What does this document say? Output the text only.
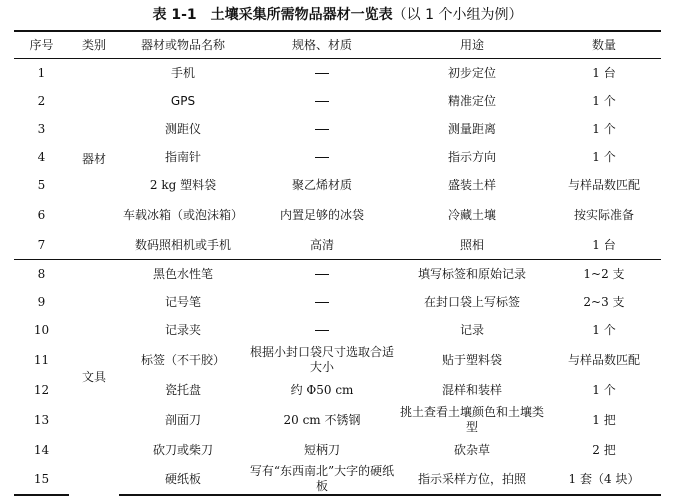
表 1-1 土壤采集所需物品器材一览表（以 1 个小组为例）
序号	类别	器材或物品名称	规格、材质	用途	数量
1	器材	手机		初步定位	1 台
2		GPS		精准定位	1 个
3		测距仪		测量距离	1 个
4		指南针		指示方向	1 个
5		2 kg 塑料袋	聚乙烯材质	盛装土样	与样品数匹配
6		车载冰箱（或泡沫箱）	内置足够的冰袋	冷藏土壤	按实际准备
7		数码照相机或手机	高清	照相	1 台
8	文具	黑色水性笔		填写标签和原始记录	1~2 支
9		记号笔		在封口袋上写标签	2~3 支
10		记录夹		记录	1 个
11		标签（不干胶）	根据小封口袋尺寸选取合适大小	贴于塑料袋	与样品数匹配
12		瓷托盘	约 Φ50 cm	混样和装样	1 个
13		剖面刀	20 cm 不锈钢	挑土查看土壤颜色和土壤类型	1 把
14		砍刀或柴刀	短柄刀	砍杂草	2 把
15		硬纸板	写有“东西南北”大字的硬纸板	指示采样方位，拍照	1 套（4 块）
